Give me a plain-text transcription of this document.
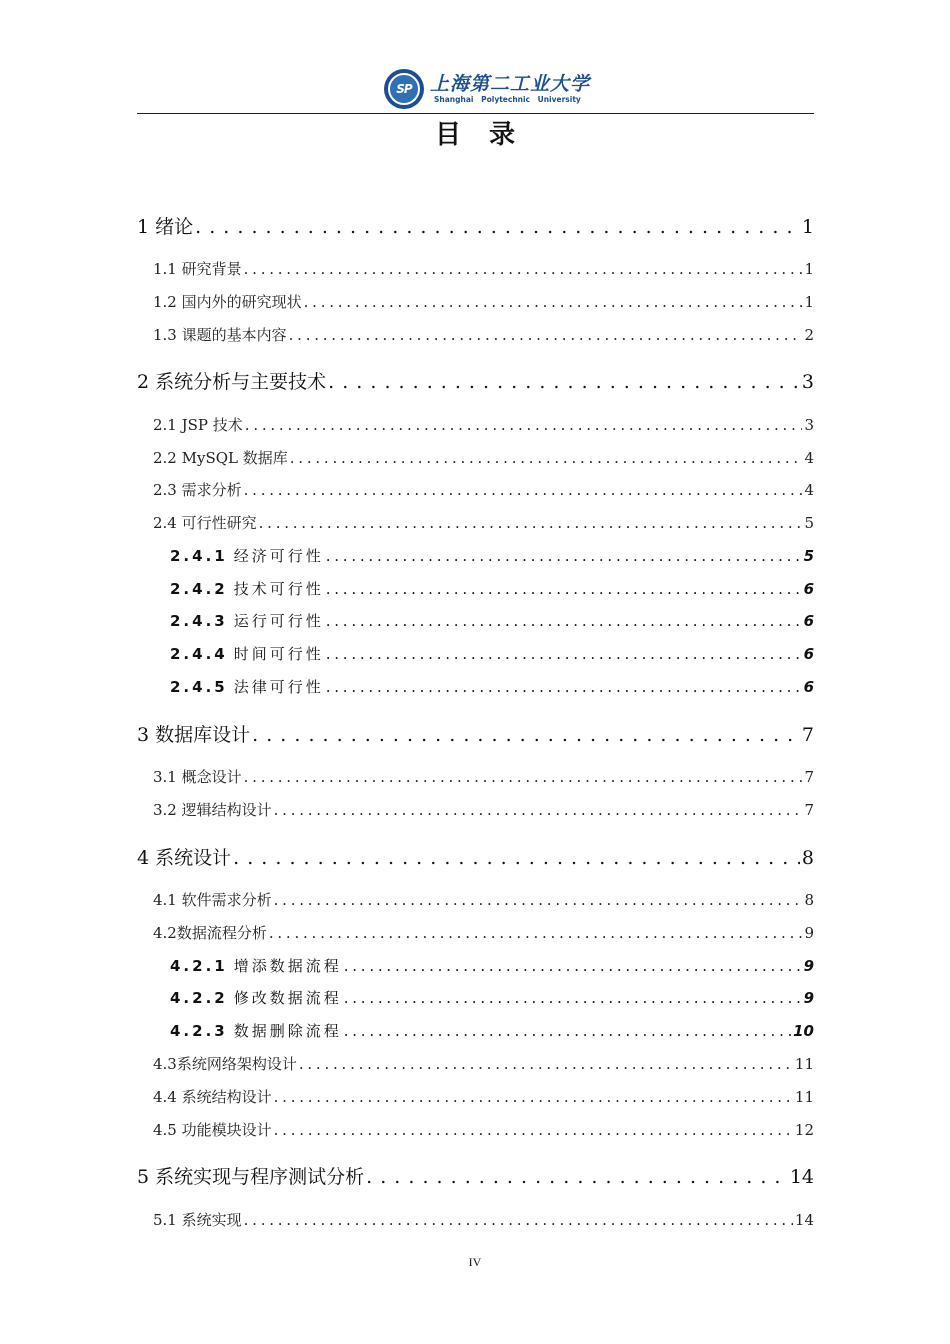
SP 上海第二工业大学
Shanghai Polytechnic University
目录
1 绪论 . . .	1
1.1 研究背景 . . .	1
1.2 国内外的研究现状 . . .	1
1.3 课题的基本内容 . . .	2
2 系统分析与主要技术 . . .	3
2.1 JSP 技术 . . .	3
2.2 MySQL 数据库 . . .	4
2.3 需求分析 . . .	4
2.4 可行性研究 . . .	5
2.4.1 经济可行性 . . .	5
2.4.2 技术可行性 . . .	6
2.4.3 运行可行性 . . .	6
2.4.4 时间可行性 . . .	6
2.4.5 法律可行性 . . .	6
3 数据库设计 . . .	7
3.1 概念设计 . . .	7
3.2 逻辑结构设计 . . .	7
4 系统设计 . . .	8
4.1 软件需求分析 . . .	8
4.2数据流程分析 . . .	9
4.2.1 增添数据流程 . . .	9
4.2.2 修改数据流程 . . .	9
4.2.3 数据删除流程 . . .	10
4.3系统网络架构设计 . . .	11
4.4 系统结构设计 . . .	11
4.5 功能模块设计 . . .	12
5 系统实现与程序测试分析 . . .	14
5.1 系统实现 . . .	14
IV
